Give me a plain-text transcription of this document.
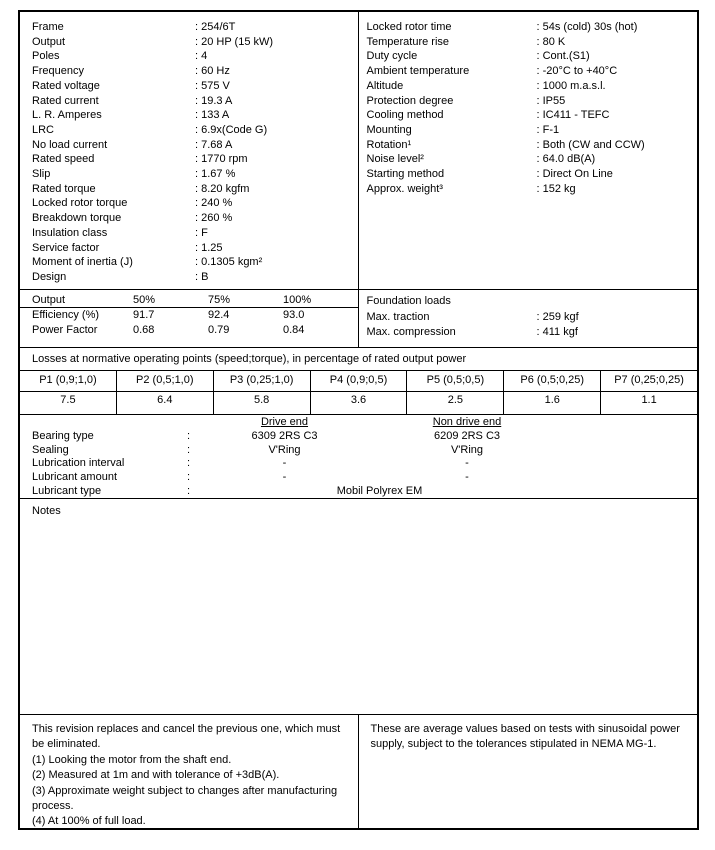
Frame	: 254/6T
Output	: 20 HP (15 kW)
Poles	: 4
Frequency	: 60 Hz
Rated voltage	: 575 V
Rated current	: 19.3 A
L. R. Amperes	: 133 A
LRC	: 6.9x(Code G)
No load current	: 7.68 A
Rated speed	: 1770 rpm
Slip	: 1.67 %
Rated torque	: 8.20 kgfm
Locked rotor torque	: 240 %
Breakdown torque	: 260 %
Insulation class	: F
Service factor	: 1.25
Moment of inertia (J)	: 0.1305 kgm²
Design	: B
Locked rotor time	: 54s (cold) 30s (hot)
Temperature rise	: 80 K
Duty cycle	: Cont.(S1)
Ambient temperature	: -20°C to +40°C
Altitude	: 1000 m.a.s.l.
Protection degree	: IP55
Cooling method	: IC411 - TEFC
Mounting	: F-1
Rotation¹	: Both (CW and CCW)
Noise level²	: 64.0 dB(A)
Starting method	: Direct On Line
Approx. weight³	: 152 kg
Output	50%	75%	100%
Efficiency (%)	91.7	92.4	93.0
Power Factor	0.68	0.79	0.84
Foundation loads
Max. traction	: 259 kgf
Max. compression	: 411 kgf
Losses at normative operating points (speed;torque), in percentage of rated output power
P1 (0,9;1,0)	P2 (0,5;1,0)	P3 (0,25;1,0)	P4 (0,9;0,5)	P5 (0,5;0,5)	P6 (0,5;0,25)	P7 (0,25;0,25)
7.5	6.4	5.8	3.6	2.5	1.6	1.1
Drive end	Non drive end
Bearing type	:	6309 2RS C3	6209 2RS C3
Sealing	:	V'Ring	V'Ring
Lubrication interval	:	-	-
Lubricant amount	:	-	-
Lubricant type	:	Mobil Polyrex EM
Notes
This revision replaces and cancel the previous one, which must be eliminated.
(1) Looking the motor from the shaft end.
(2) Measured at 1m and with tolerance of +3dB(A).
(3) Approximate weight subject to changes after manufacturing process.
(4) At 100% of full load.
These are average values based on tests with sinusoidal power supply, subject to the tolerances stipulated in NEMA MG-1.
